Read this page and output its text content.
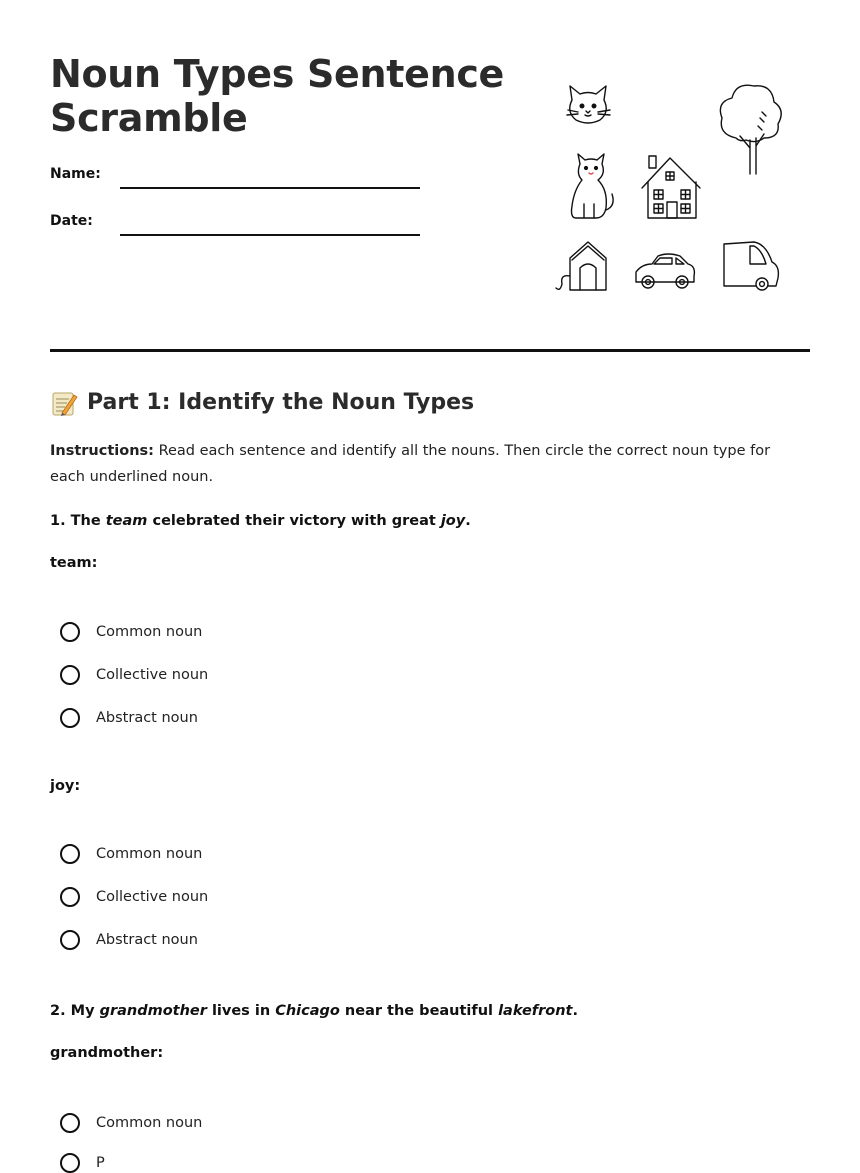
Noun Types Sentence Scramble
Name:
Date:
Part 1: Identify the Noun Types
Instructions: Read each sentence and identify all the nouns. Then circle the correct noun type for each underlined noun.
1. The team celebrated their victory with great joy.
team:
Common noun
Collective noun
Abstract noun
joy:
Common noun
Collective noun
Abstract noun
2. My grandmother lives in Chicago near the beautiful lakefront.
grandmother:
Common noun
P
